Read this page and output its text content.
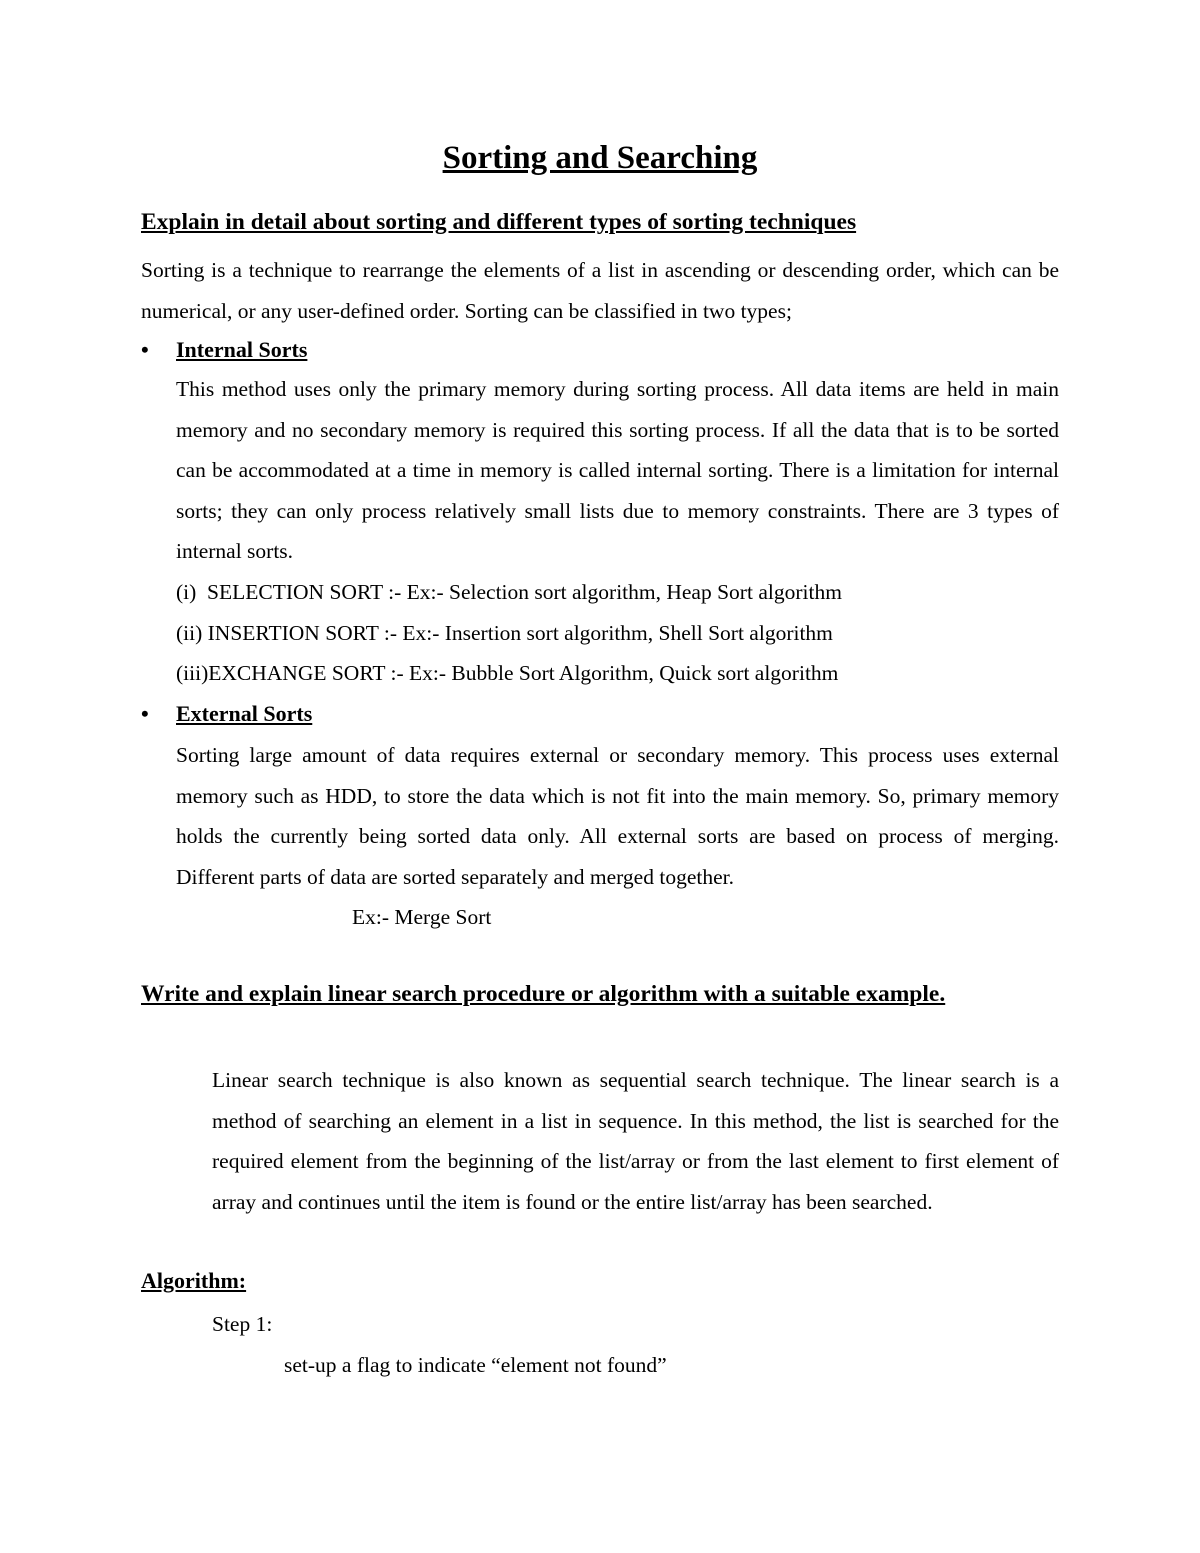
Sorting and Searching
Explain in detail about sorting and different types of sorting techniques
Sorting is a technique to rearrange the elements of a list in ascending or descending order, which can be numerical, or any user-defined order. Sorting can be classified in two types;
• Internal Sorts
This method uses only the primary memory during sorting process. All data items are held in main memory and no secondary memory is required this sorting process. If all the data that is to be sorted can be accommodated at a time in memory is called internal sorting. There is a limitation for internal sorts; they can only process relatively small lists due to memory constraints. There are 3 types of internal sorts.
(i)  SELECTION SORT :- Ex:- Selection sort algorithm, Heap Sort algorithm
(ii) INSERTION SORT :- Ex:- Insertion sort algorithm, Shell Sort algorithm
(iii)EXCHANGE SORT :- Ex:- Bubble Sort Algorithm, Quick sort algorithm
• External Sorts
Sorting large amount of data requires external or secondary memory. This process uses external memory such as HDD, to store the data which is not fit into the main memory. So, primary memory holds the currently being sorted data only. All external sorts are based on process of merging. Different parts of data are sorted separately and merged together.
Ex:- Merge Sort
Write and explain linear search procedure or algorithm with a suitable example.
Linear search technique is also known as sequential search technique. The linear search is a method of searching an element in a list in sequence. In this method, the list is searched for the required element from the beginning of the list/array or from the last element to first element of array and continues until the item is found or the entire list/array has been searched.
Algorithm:
Step 1:
set-up a flag to indicate “element not found”
